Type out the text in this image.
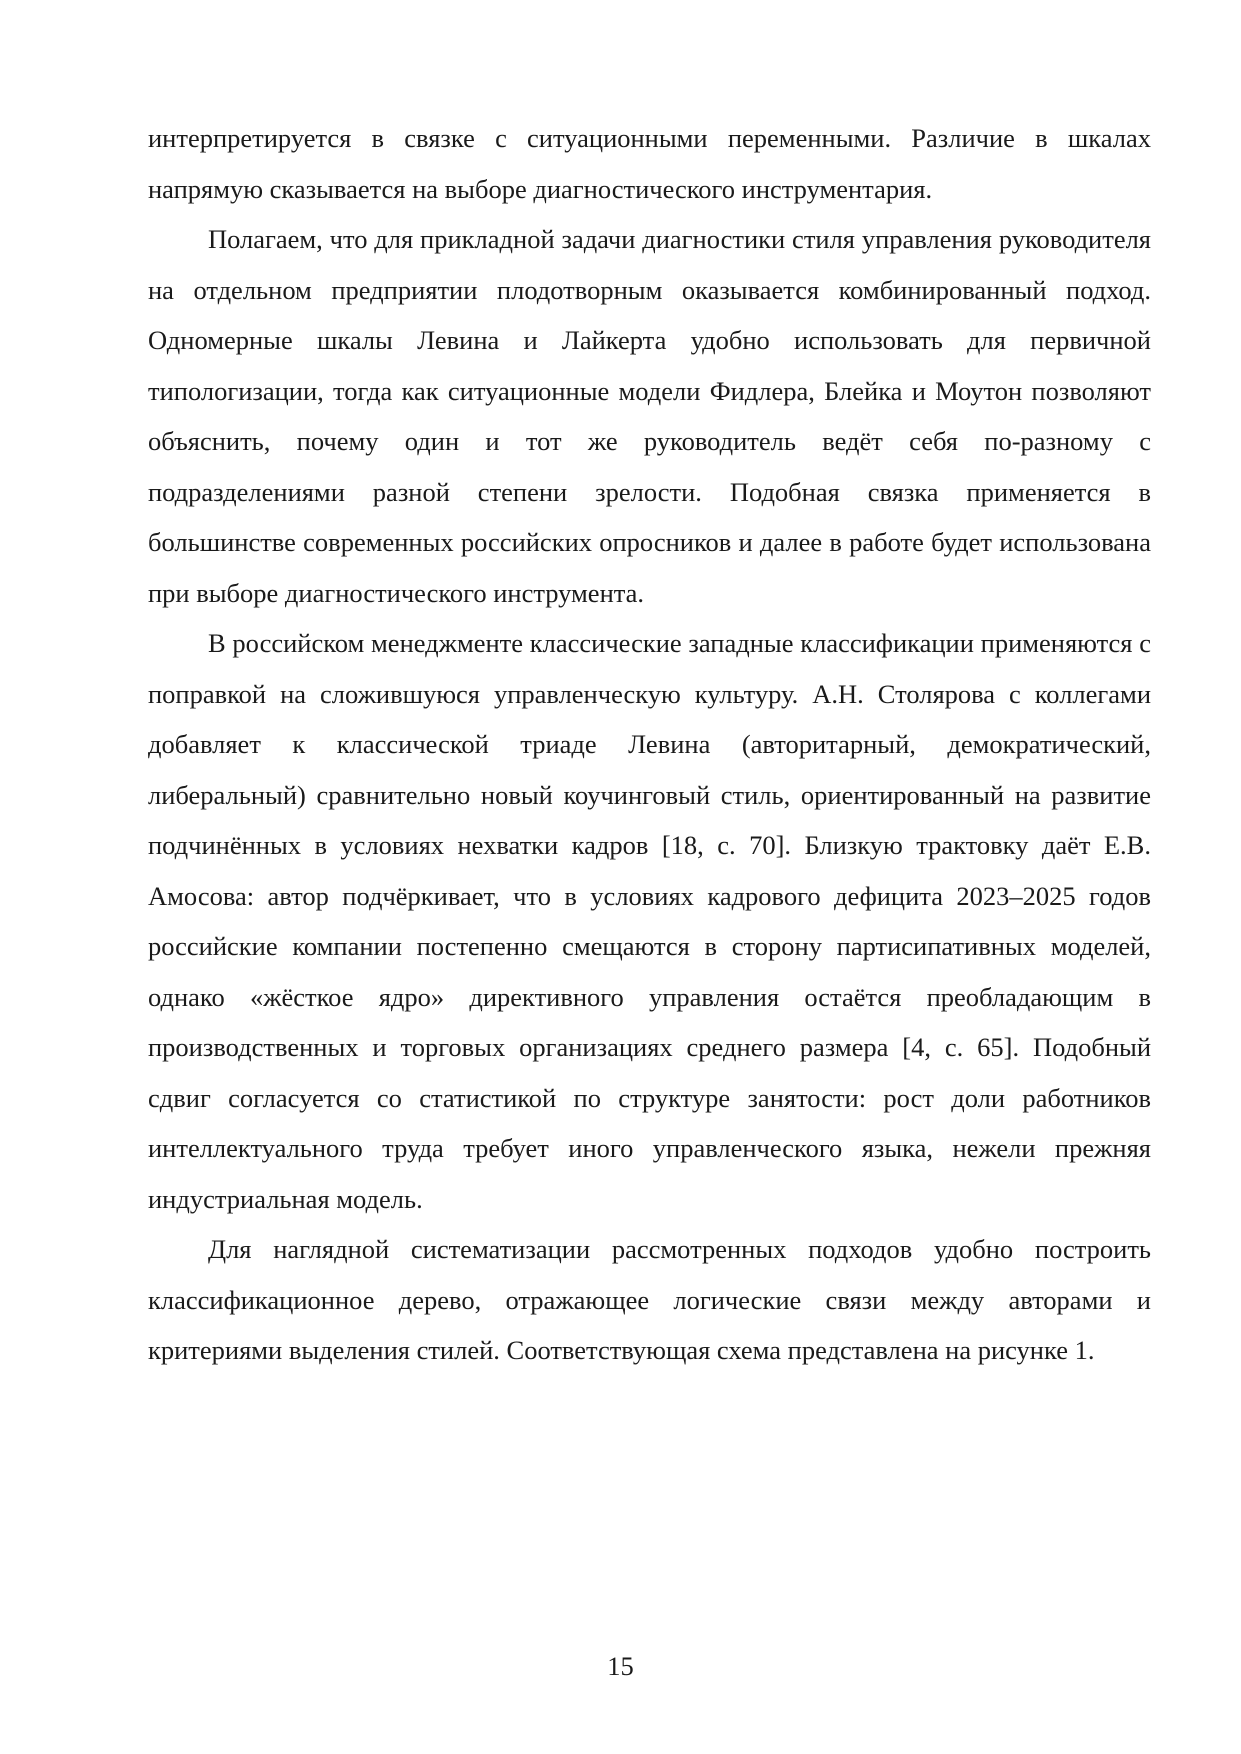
интерпретируется в связке с ситуационными переменными. Различие в шкалах напрямую сказывается на выборе диагностического инструментария.

Полагаем, что для прикладной задачи диагностики стиля управления руководителя на отдельном предприятии плодотворным оказывается комбинированный подход. Одномерные шкалы Левина и Лайкерта удобно использовать для первичной типологизации, тогда как ситуационные модели Фидлера, Блейка и Моутон позволяют объяснить, почему один и тот же руководитель ведёт себя по-разному с подразделениями разной степени зрелости. Подобная связка применяется в большинстве современных российских опросников и далее в работе будет использована при выборе диагностического инструмента.

В российском менеджменте классические западные классификации применяются с поправкой на сложившуюся управленческую культуру. А.Н. Столярова с коллегами добавляет к классической триаде Левина (авторитарный, демократический, либеральный) сравнительно новый коучинговый стиль, ориентированный на развитие подчинённых в условиях нехватки кадров [18, с. 70]. Близкую трактовку даёт Е.В. Амосова: автор подчёркивает, что в условиях кадрового дефицита 2023–2025 годов российские компании постепенно смещаются в сторону партисипативных моделей, однако «жёсткое ядро» директивного управления остаётся преобладающим в производственных и торговых организациях среднего размера [4, с. 65]. Подобный сдвиг согласуется со статистикой по структуре занятости: рост доли работников интеллектуального труда требует иного управленческого языка, нежели прежняя индустриальная модель.

Для наглядной систематизации рассмотренных подходов удобно построить классификационное дерево, отражающее логические связи между авторами и критериями выделения стилей. Соответствующая схема представлена на рисунке 1.

15
